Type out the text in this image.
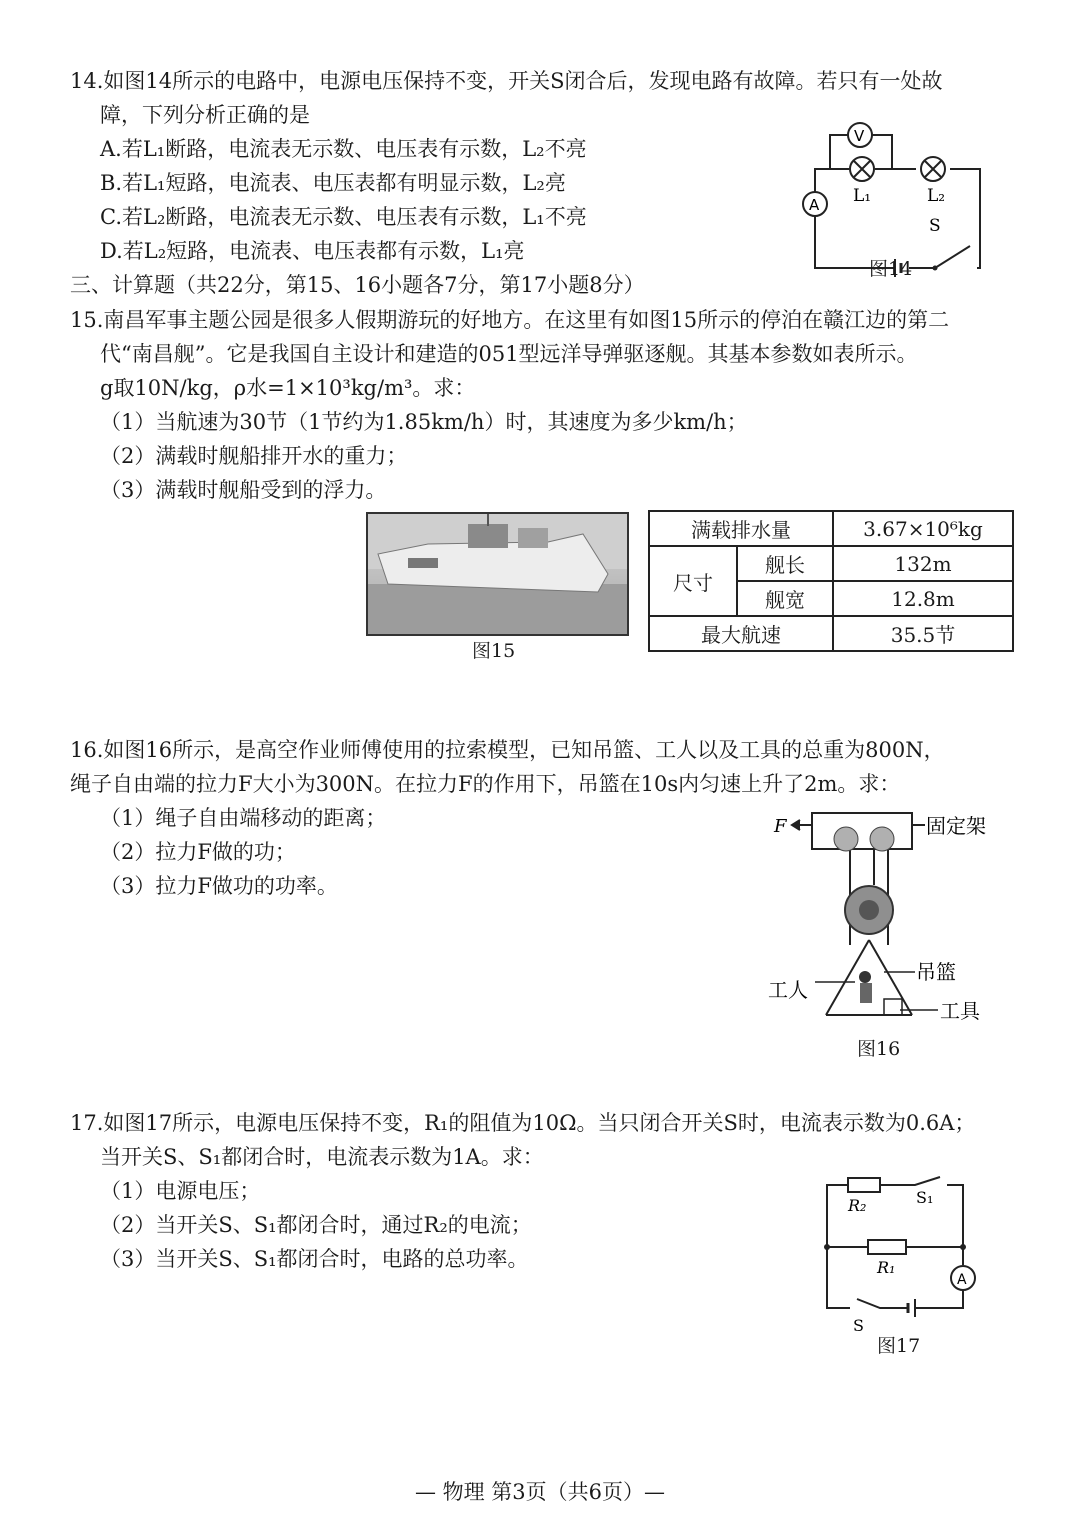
14.如图14所示的电路中，电源电压保持不变，开关S闭合后，发现电路有故障。若只有一处故
障，下列分析正确的是
A.若L₁断路，电流表无示数、电压表有示数，L₂不亮
B.若L₁短路，电流表、电压表都有明显示数，L₂亮
C.若L₂断路，电流表无示数、电压表有示数，L₁不亮
D.若L₂短路，电流表、电压表都有示数，L₁亮
A
V
L₁	L₂
S
图14
三、计算题（共22分，第15、16小题各7分，第17小题8分）
15.南昌军事主题公园是很多人假期游玩的好地方。在这里有如图15所示的停泊在赣江边的第二
代“南昌舰”。它是我国自主设计和建造的051型远洋导弹驱逐舰。其基本参数如表所示。
g取10N/kg，ρ水=1×10³kg/m³。求：
（1）当航速为30节（1节约为1.85km/h）时，其速度为多少km/h；
（2）满载时舰船排开水的重力；
（3）满载时舰船受到的浮力。
图15
满载排水量		3.67×10⁶kg
尺寸	舰长	132m
	舰宽	12.8m
最大航速		35.5节
16.如图16所示，是高空作业师傅使用的拉索模型，已知吊篮、工人以及工具的总重为800N，
绳子自由端的拉力F大小为300N。在拉力F的作用下，吊篮在10s内匀速上升了2m。求：
（1）绳子自由端移动的距离；
（2）拉力F做的功；
（3）拉力F做功的功率。
F	固定架
吊篮
工人
工具
图16
17.如图17所示，电源电压保持不变，R₁的阻值为10Ω。当只闭合开关S时，电流表示数为0.6A；
当开关S、S₁都闭合时，电流表示数为1A。求：
（1）电源电压；
（2）当开关S、S₁都闭合时，通过R₂的电流；
（3）当开关S、S₁都闭合时，电路的总功率。
R₂	S₁
R₁
A
S
图17
— 物理 第3页（共6页）—
